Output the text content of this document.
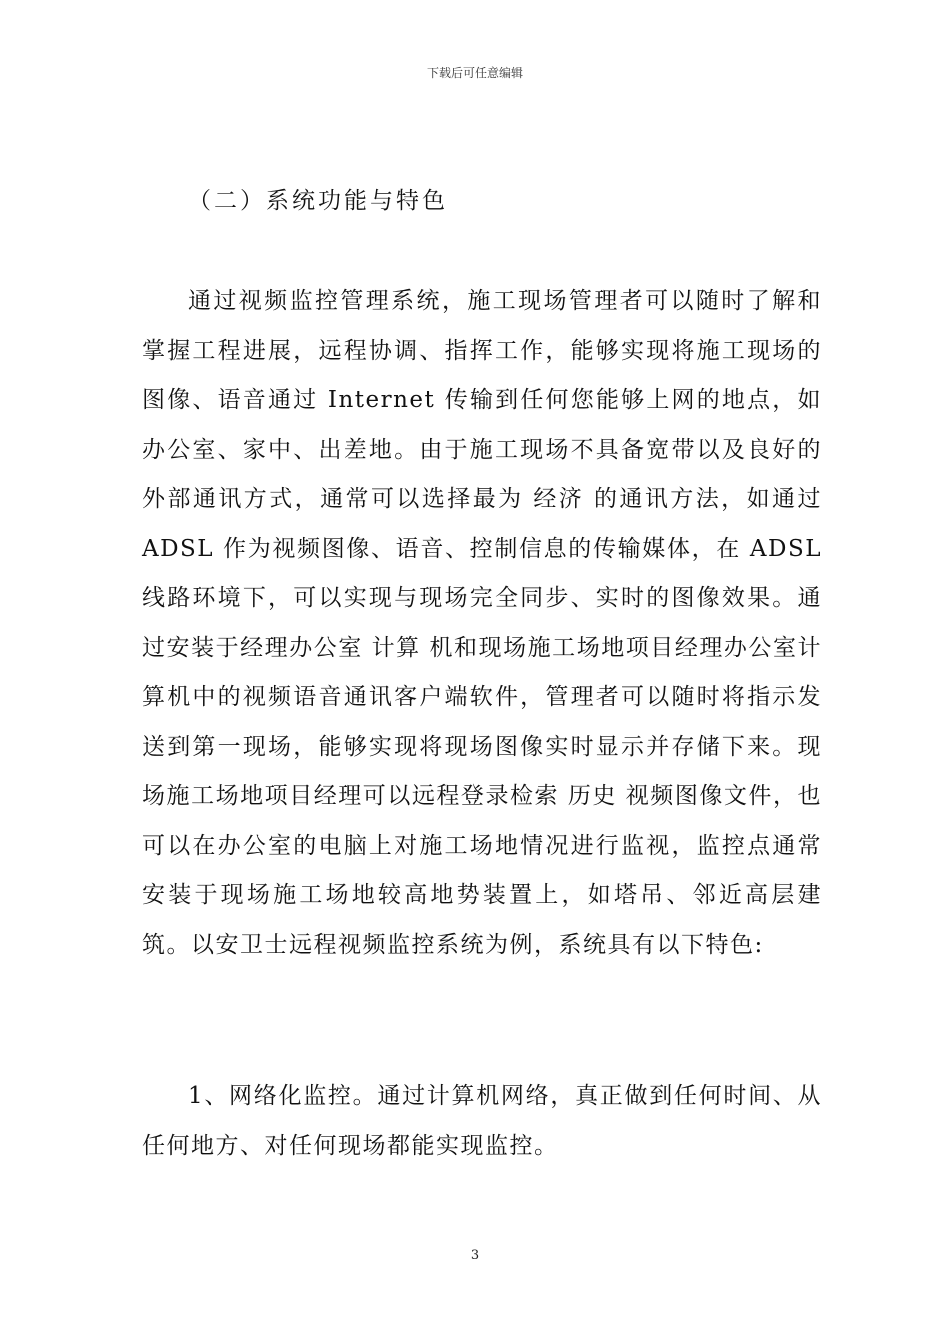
下载后可任意编辑
（二）系统功能与特色
通过视频监控管理系统，施工现场管理者可以随时了解和掌握工程进展，远程协调、指挥工作，能够实现将施工现场的图像、语音通过 Internet 传输到任何您能够上网的地点，如办公室、家中、出差地。由于施工现场不具备宽带以及良好的外部通讯方式，通常可以选择最为 经济 的通讯方法，如通过 ADSL 作为视频图像、语音、控制信息的传输媒体，在 ADSL 线路环境下，可以实现与现场完全同步、实时的图像效果。通过安装于经理办公室 计算 机和现场施工场地项目经理办公室计算机中的视频语音通讯客户端软件，管理者可以随时将指示发送到第一现场，能够实现将现场图像实时显示并存储下来。现场施工场地项目经理可以远程登录检索 历史 视频图像文件，也可以在办公室的电脑上对施工场地情况进行监视，监控点通常安装于现场施工场地较高地势装置上，如塔吊、邻近高层建筑。以安卫士远程视频监控系统为例，系统具有以下特色:
1、网络化监控。通过计算机网络，真正做到任何时间、从任何地方、对任何现场都能实现监控。
3
